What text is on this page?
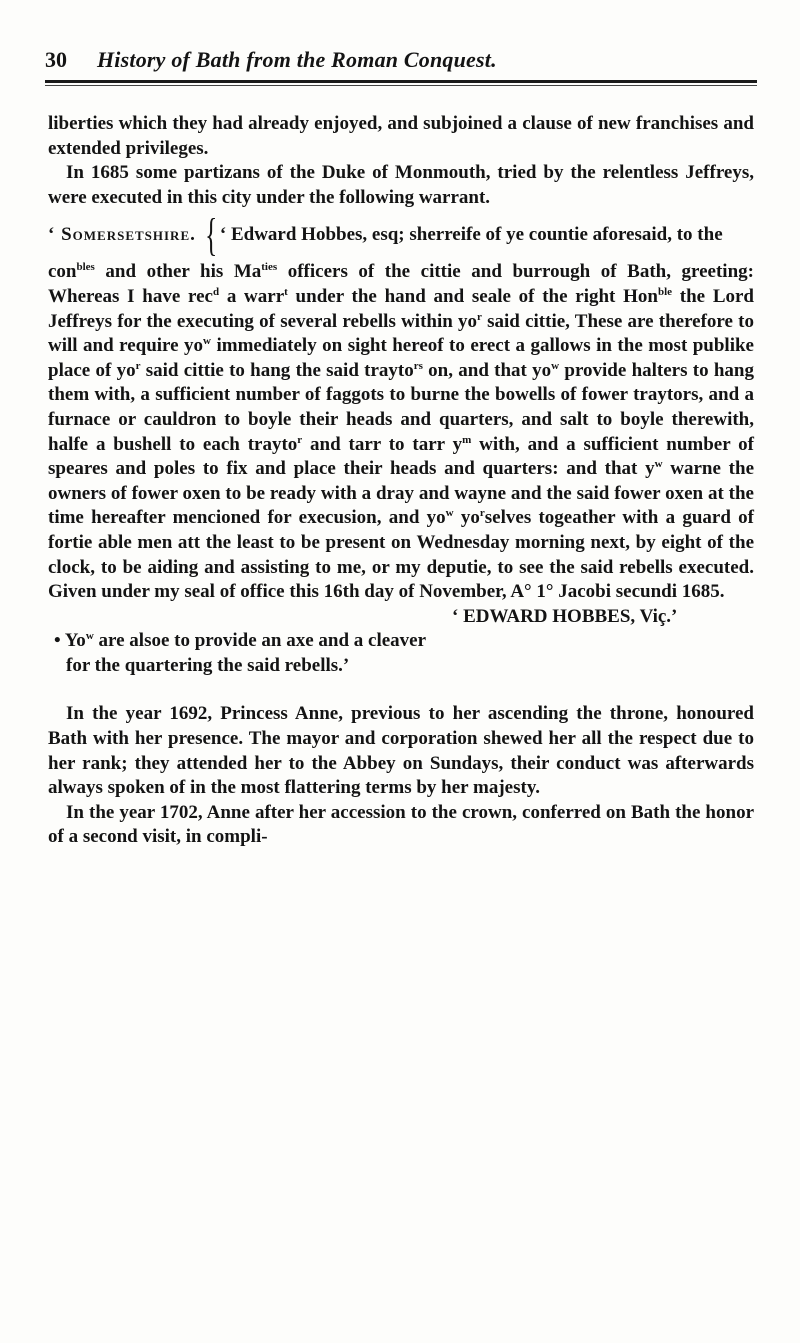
30 History of Bath from the Roman Conquest.

liberties which they had already enjoyed, and subjoined a clause of new franchises and extended privileges.

In 1685 some partizans of the Duke of Monmouth, tried by the relentless Jeffreys, were executed in this city under the following warrant.

‘ Somersetshire. { ‘ Edward Hobbes, esq; sherreife of ye countie aforesaid, to the

con$^{bles}$ and other his $Ma^{ties}$ officers of the cittie and burrough of Bath, greeting: Whereas I have rec$^d$ a warr$^t$ under the hand and seale of the right Hon$^{ble}$ the Lord Jeffreys for the executing of several rebells within $yo^r$ said cittie, These are therefore to will and require $yo^w$ immediately on sight hereof to erect a gallows in the most publike place of $yo^r$ said cittie to hang the said trayto$^{rs}$ on, and that $yo^w$ provide halters to hang them with, a sufficient number of faggots to burne the bowells of fower traytors, and a furnace or cauldron to boyle their heads and quarters, and salt to boyle therewith, halfe a bushell to each trayto$^r$ and tarr to tarr $y^m$ with, and a sufficient number of speares and poles to fix and place their heads and quarters: and that $y^w$ warne the owners of fower oxen to be ready with a dray and wayne and the said fower oxen at the time hereafter mencioned for execusion, and $yo^w$ $yo^rselves$ togeather with a guard of fortie able men att the least to be present on Wednesday morning next, by eight of the clock, to be aiding and assisting to me, or my deputie, to see the said rebells executed. Given under my seal of office this 16th day of November, A° 1° Jacobi secundi 1685.

‘ EDWARD HOBBES, Viç.’

• Yo$^w$ are alsoe to provide an axe and a cleaver

for the quartering the said rebells.’

In the year 1692, Princess Anne, previous to her ascending the throne, honoured Bath with her presence. The mayor and corporation shewed her all the respect due to her rank; they attended her to the Abbey on Sundays, their conduct was afterwards always spoken of in the most flattering terms by her majesty.

In the year 1702, Anne after her accession to the crown, conferred on Bath the honor of a second visit, in compli-
